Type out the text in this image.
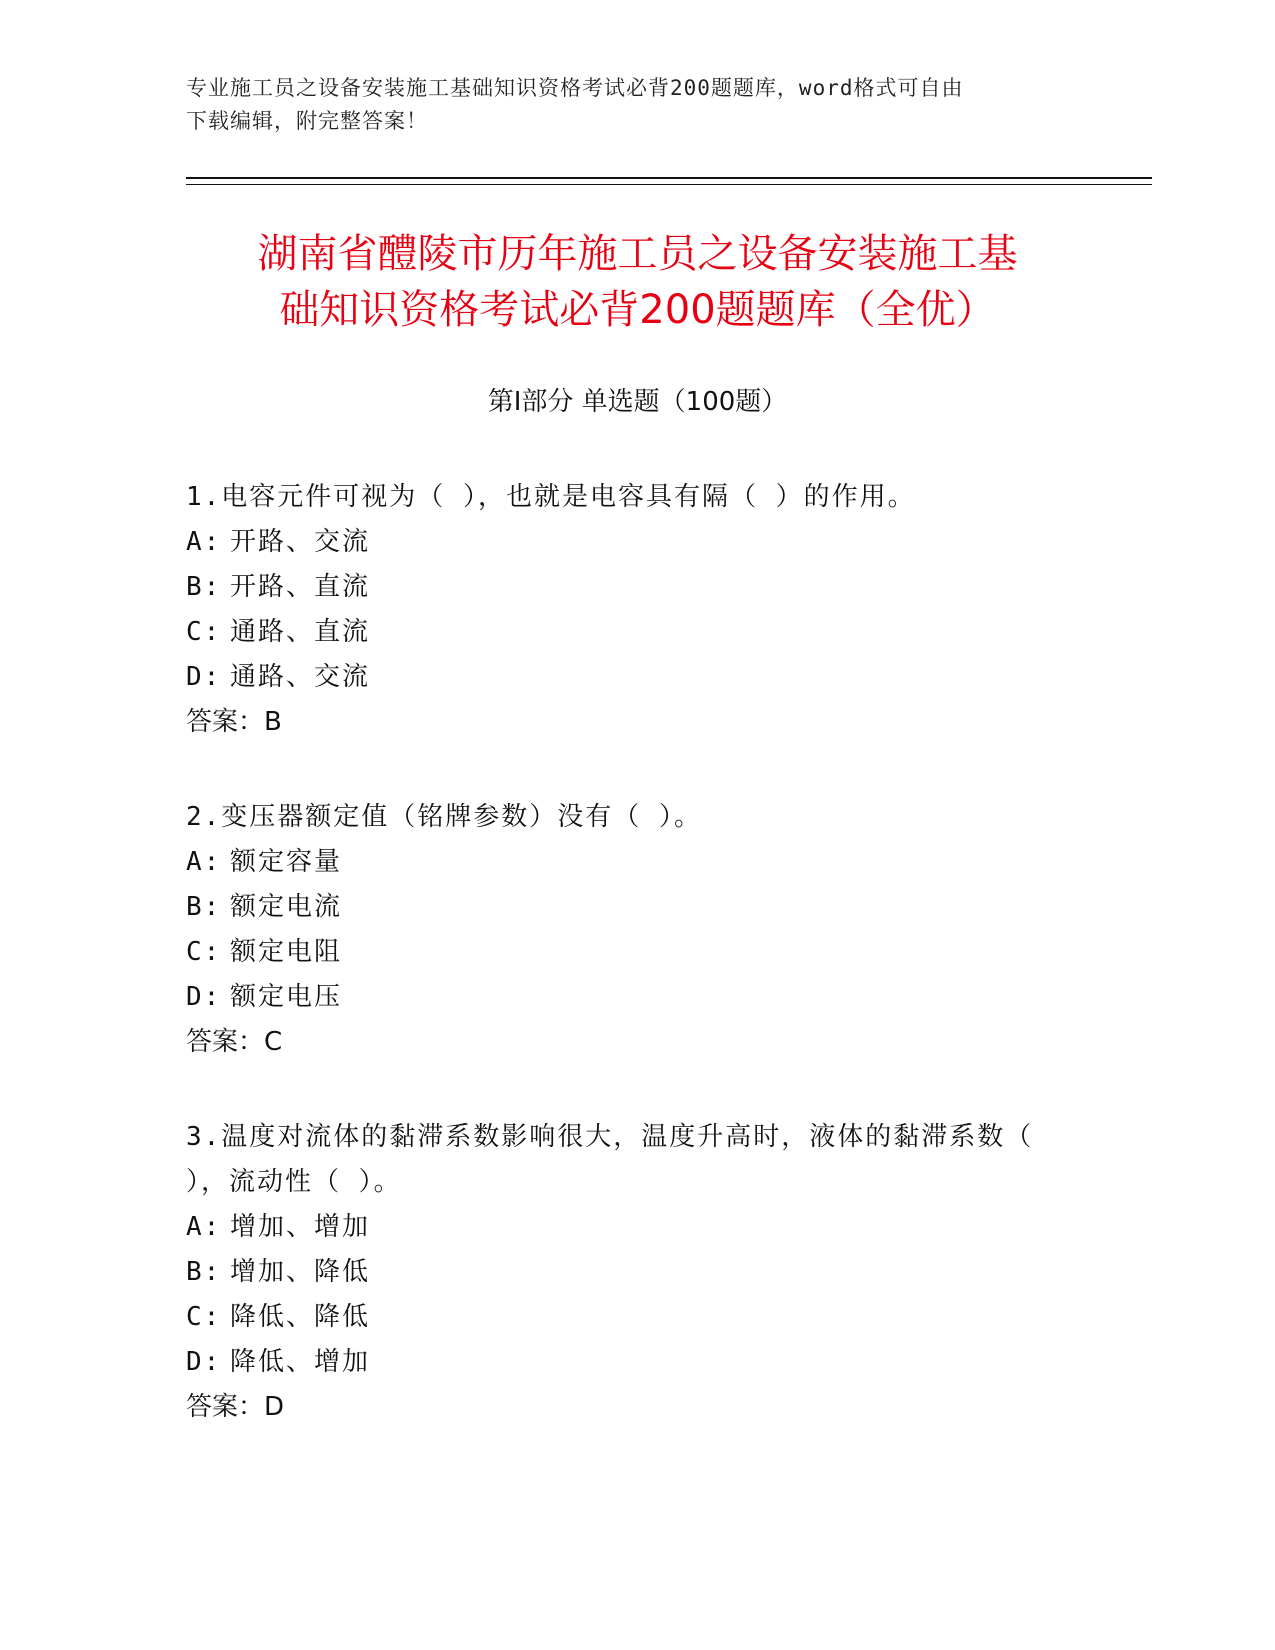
专业施工员之设备安装施工基础知识资格考试必背200题题库，word格式可自由
下载编辑，附完整答案！
湖南省醴陵市历年施工员之设备安装施工基
础知识资格考试必背200题题库（全优）
第Ⅰ部分 单选题（100题）
1.电容元件可视为（ ），也就是电容具有隔（ ）的作用。
A: 开路、交流
B: 开路、直流
C: 通路、直流
D: 通路、交流
答案：B
2.变压器额定值（铭牌参数）没有（ ）。
A: 额定容量
B: 额定电流
C: 额定电阻
D: 额定电压
答案：C
3.温度对流体的黏滞系数影响很大，温度升高时，液体的黏滞系数（
），流动性（ ）。
A: 增加、增加
B: 增加、降低
C: 降低、降低
D: 降低、增加
答案：D
